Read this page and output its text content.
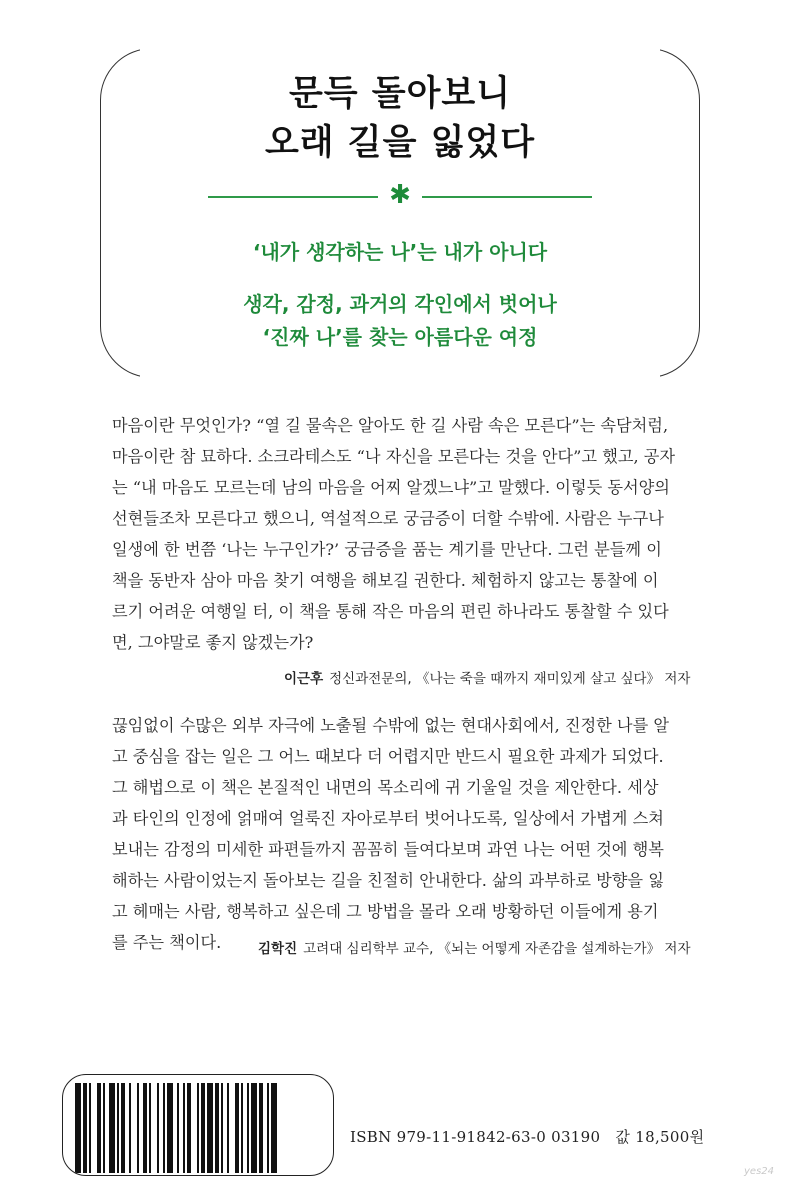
문득 돌아보니
오래 길을 잃었다
✱
‘내가 생각하는 나’는 내가 아니다
생각, 감정, 과거의 각인에서 벗어나
‘진짜 나’를 찾는 아름다운 여정
마음이란 무엇인가? “열 길 물속은 알아도 한 길 사람 속은 모른다”는 속담처럼,
마음이란 참 묘하다. 소크라테스도 “나 자신을 모른다는 것을 안다”고 했고, 공자
는 “내 마음도 모르는데 남의 마음을 어찌 알겠느냐”고 말했다. 이렇듯 동서양의
선현들조차 모른다고 했으니, 역설적으로 궁금증이 더할 수밖에. 사람은 누구나
일생에 한 번쯤 ‘나는 누구인가?’ 궁금증을 품는 계기를 만난다. 그런 분들께 이
책을 동반자 삼아 마음 찾기 여행을 해보길 권한다. 체험하지 않고는 통찰에 이
르기 어려운 여행일 터, 이 책을 통해 작은 마음의 편린 하나라도 통찰할 수 있다
면, 그야말로 좋지 않겠는가?
이근후 정신과전문의, 《나는 죽을 때까지 재미있게 살고 싶다》 저자
끊임없이 수많은 외부 자극에 노출될 수밖에 없는 현대사회에서, 진정한 나를 알
고 중심을 잡는 일은 그 어느 때보다 더 어렵지만 반드시 필요한 과제가 되었다.
그 해법으로 이 책은 본질적인 내면의 목소리에 귀 기울일 것을 제안한다. 세상
과 타인의 인정에 얽매여 얼룩진 자아로부터 벗어나도록, 일상에서 가볍게 스쳐
보내는 감정의 미세한 파편들까지 꼼꼼히 들여다보며 과연 나는 어떤 것에 행복
해하는 사람이었는지 돌아보는 길을 친절히 안내한다. 삶의 과부하로 방향을 잃
고 헤매는 사람, 행복하고 싶은데 그 방법을 몰라 오래 방황하던 이들에게 용기
를 주는 책이다.	김학진 고려대 심리학부 교수, 《뇌는 어떻게 자존감을 설계하는가》 저자
ISBN 979-11-91842-63-0 03190 값 18,500원
yes24
